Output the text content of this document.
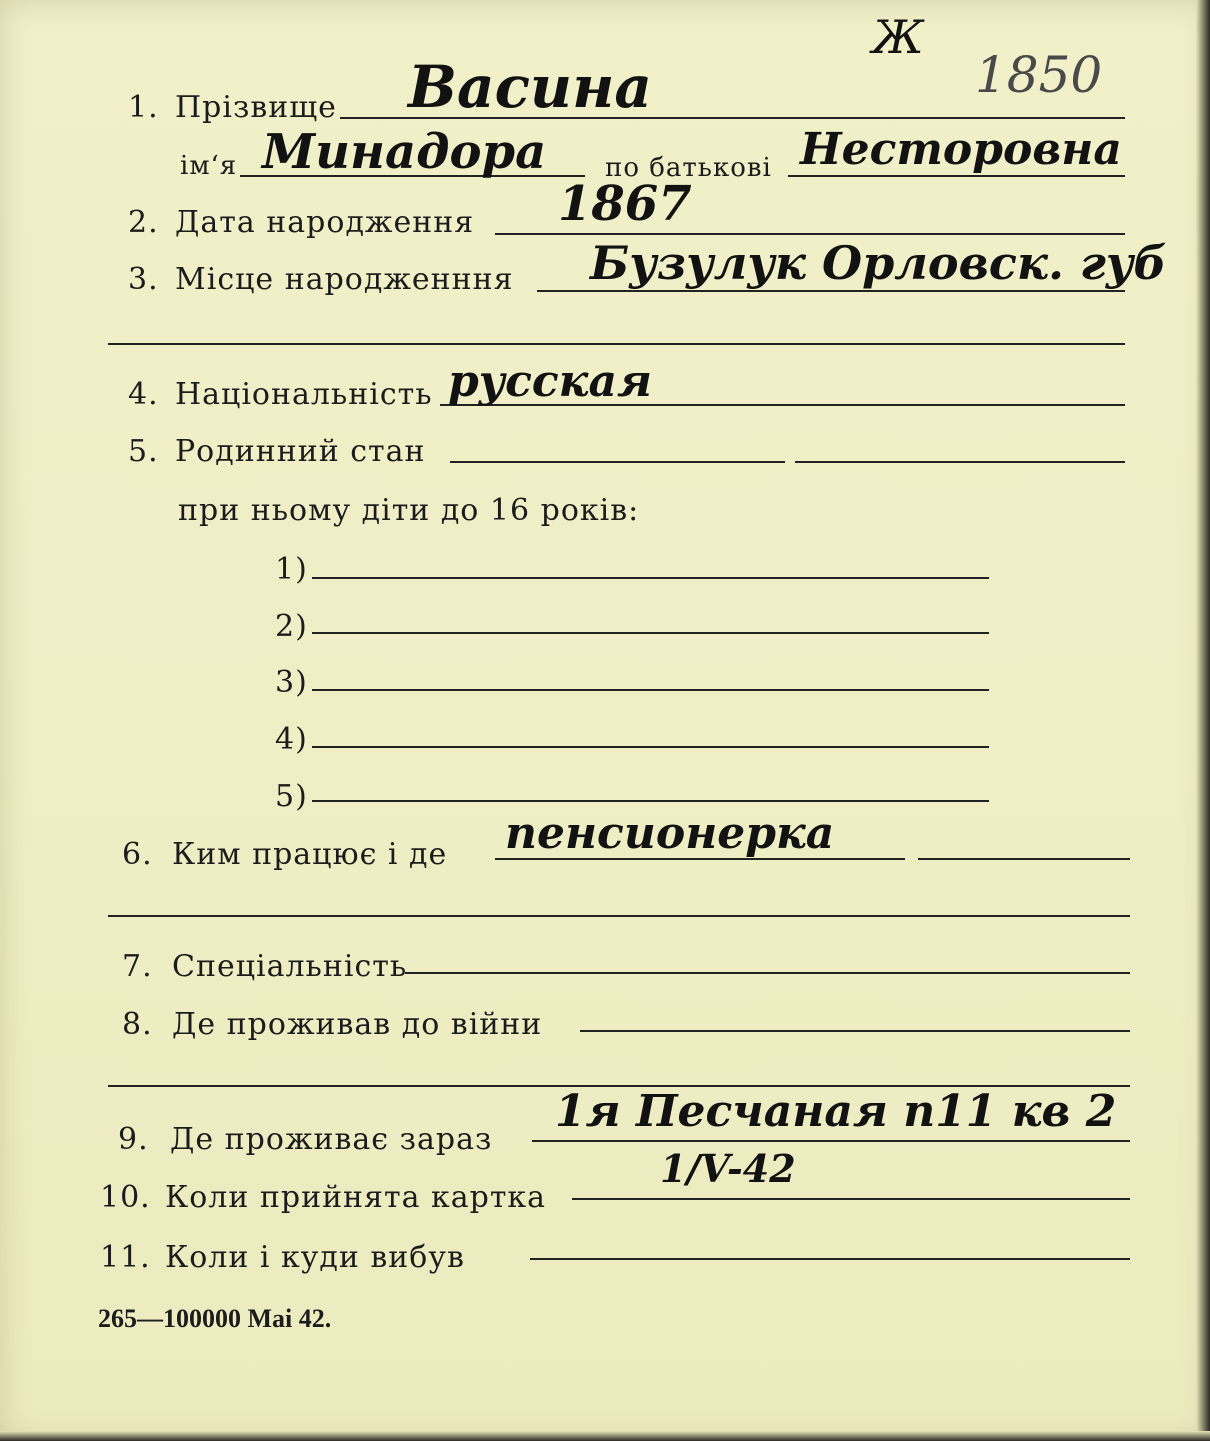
Ж
1850
1. Прізвище Васина
ім‘я Минадора по батькові Несторовна
2. Дата народження 1867
3. Місце народженння Бузулук Орловск. губ
4. Національність русская
5. Родинний стан
при ньому діти до 16 років:
1)
2)
3)
4)
5)
6. Ким працює і де пенсионерка
7. Спеціальність
8. Де проживав до війни
9. Де проживає зараз
1я Песчаная п11 кв 2
10. Коли прийнята картка
1/V-42
11. Коли і куди вибув
265—100000 Mai 42.
